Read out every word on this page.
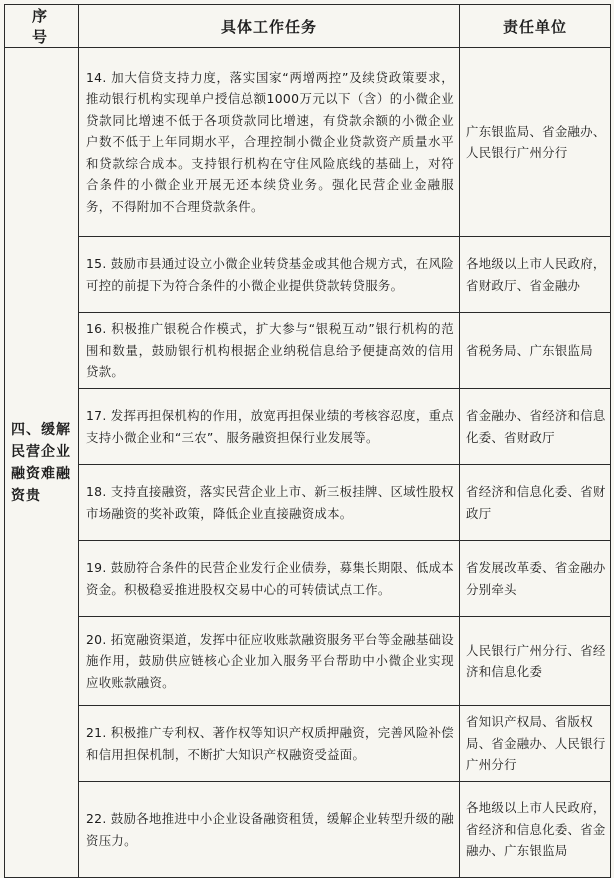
序 号	具体工作任务	责任单位
四、缓解民营企业融资难融资贵	14. 加大信贷支持力度，落实国家“两增两控”及续贷政策要求，推动银行机构实现单户授信总额1000万元以下（含）的小微企业贷款同比增速不低于各项贷款同比增速，有贷款余额的小微企业户数不低于上年同期水平，合理控制小微企业贷款资产质量水平和贷款综合成本。支持银行机构在守住风险底线的基础上，对符合条件的小微企业开展无还本续贷业务。强化民营企业金融服务，不得附加不合理贷款条件。	广东银监局、省金融办、人民银行广州分行
	15. 鼓励市县通过设立小微企业转贷基金或其他合规方式，在风险可控的前提下为符合条件的小微企业提供贷款转贷服务。	各地级以上市人民政府，省财政厅、省金融办
	16. 积极推广银税合作模式，扩大参与“银税互动”银行机构的范围和数量，鼓励银行机构根据企业纳税信息给予便捷高效的信用贷款。	省税务局、广东银监局
	17. 发挥再担保机构的作用，放宽再担保业绩的考核容忍度，重点支持小微企业和“三农”、服务融资担保行业发展等。	省金融办、省经济和信息化委、省财政厅
	18. 支持直接融资，落实民营企业上市、新三板挂牌、区域性股权市场融资的奖补政策，降低企业直接融资成本。	省经济和信息化委、省财政厅
	19. 鼓励符合条件的民营企业发行企业债券，募集长期限、低成本资金。积极稳妥推进股权交易中心的可转债试点工作。	省发展改革委、省金融办分别牵头
	20. 拓宽融资渠道，发挥中征应收账款融资服务平台等金融基础设施作用，鼓励供应链核心企业加入服务平台帮助中小微企业实现应收账款融资。	人民银行广州分行、省经济和信息化委
	21. 积极推广专利权、著作权等知识产权质押融资，完善风险补偿和信用担保机制，不断扩大知识产权融资受益面。	省知识产权局、省版权局、省金融办、人民银行广州分行
	22. 鼓励各地推进中小企业设备融资租赁，缓解企业转型升级的融资压力。	各地级以上市人民政府，省经济和信息化委、省金融办、广东银监局
